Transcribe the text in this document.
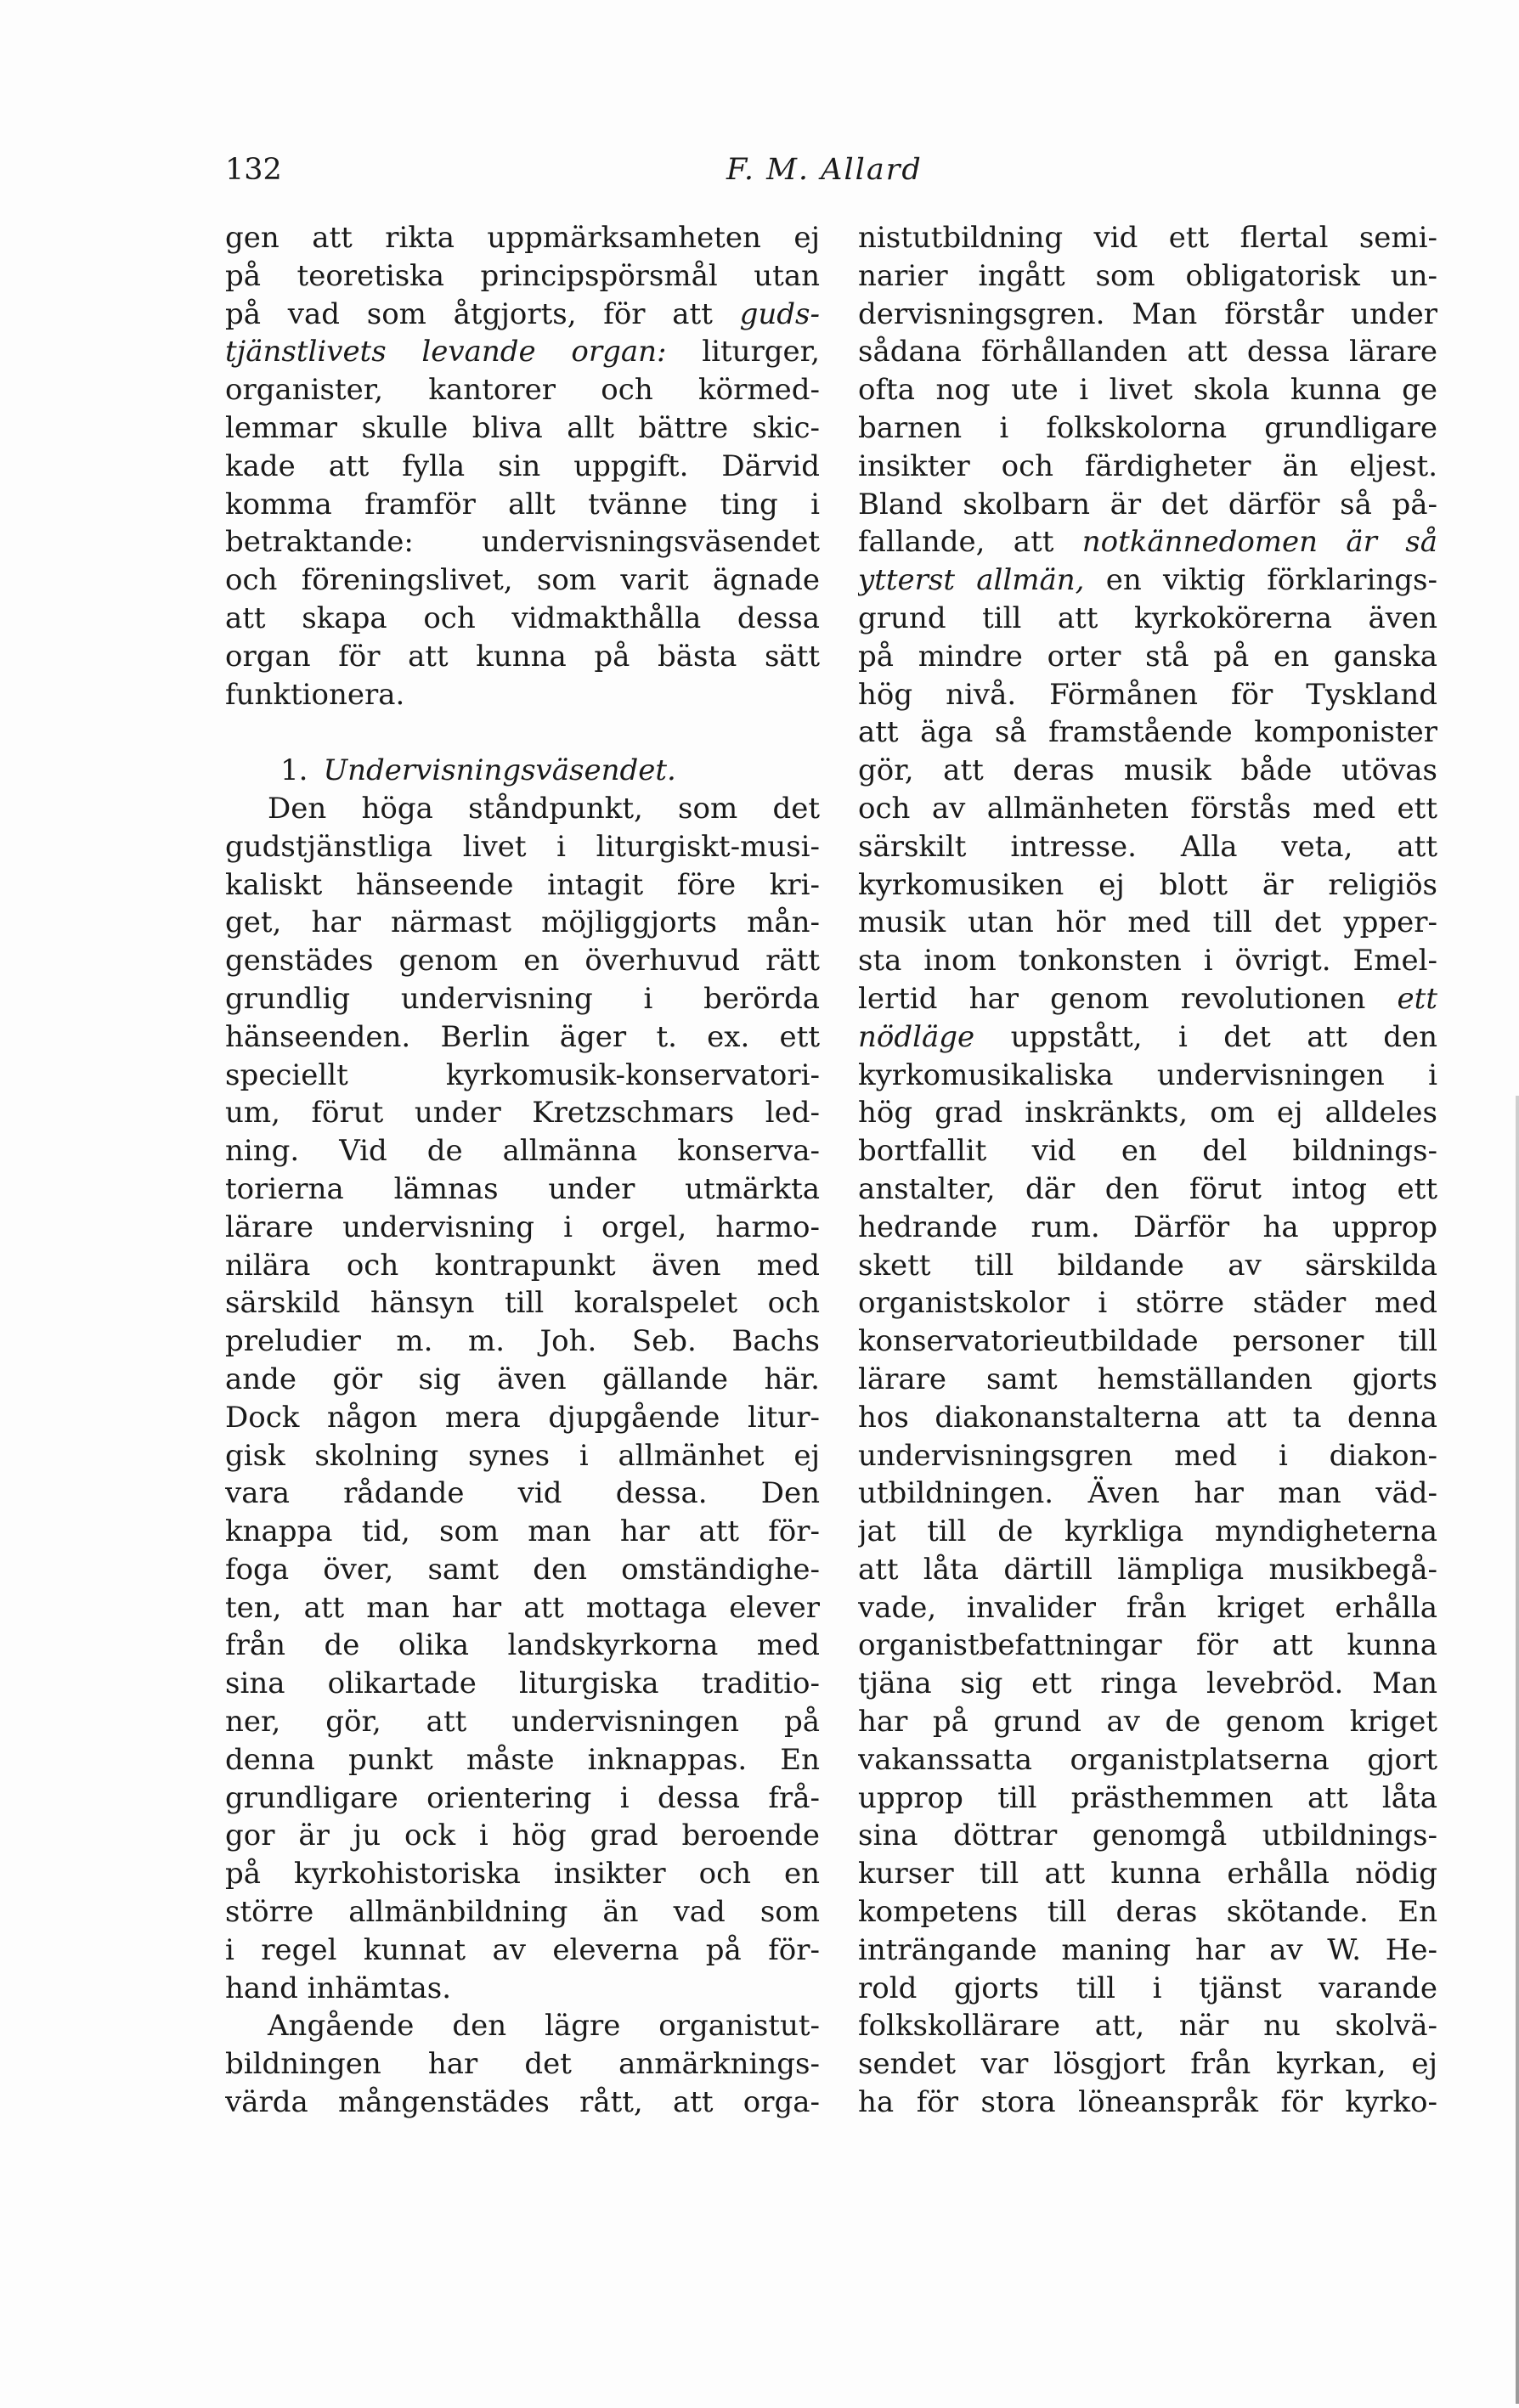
132	F. M. Allard
gen att rikta uppmärksamheten ej
på teoretiska principspörsmål utan
på vad som åtgjorts, för att guds-
tjänstlivets levande organ: liturger,
organister, kantorer och körmed-
lemmar skulle bliva allt bättre skic-
kade att fylla sin uppgift. Därvid
komma framför allt tvänne ting i
betraktande: undervisningsväsendet
och föreningslivet, som varit ägnade
att skapa och vidmakthålla dessa
organ för att kunna på bästa sätt
funktionera.
1. Undervisningsväsendet.
Den höga ståndpunkt, som det
gudstjänstliga livet i liturgiskt-musi-
kaliskt hänseende intagit före kri-
get, har närmast möjliggjorts mån-
genstädes genom en överhuvud rätt
grundlig undervisning i berörda
hänseenden. Berlin äger t. ex. ett
speciellt kyrkomusik-konservatori-
um, förut under Kretzschmars led-
ning. Vid de allmänna konserva-
torierna lämnas under utmärkta
lärare undervisning i orgel, harmo-
nilära och kontrapunkt även med
särskild hänsyn till koralspelet och
preludier m. m. Joh. Seb. Bachs
ande gör sig även gällande här.
Dock någon mera djupgående litur-
gisk skolning synes i allmänhet ej
vara rådande vid dessa. Den
knappa tid, som man har att för-
foga över, samt den omständighe-
ten, att man har att mottaga elever
från de olika landskyrkorna med
sina olikartade liturgiska traditio-
ner, gör, att undervisningen på
denna punkt måste inknappas. En
grundligare orientering i dessa frå-
gor är ju ock i hög grad beroende
på kyrkohistoriska insikter och en
större allmänbildning än vad som
i regel kunnat av eleverna på för-
hand inhämtas.
Angående den lägre organistut-
bildningen har det anmärknings-
värda mångenstädes rått, att orga-
nistutbildning vid ett flertal semi-
narier ingått som obligatorisk un-
dervisningsgren. Man förstår under
sådana förhållanden att dessa lärare
ofta nog ute i livet skola kunna ge
barnen i folkskolorna grundligare
insikter och färdigheter än eljest.
Bland skolbarn är det därför så på-
fallande, att notkännedomen är så
ytterst allmän, en viktig förklarings-
grund till att kyrkokörerna även
på mindre orter stå på en ganska
hög nivå. Förmånen för Tyskland
att äga så framstående komponister
gör, att deras musik både utövas
och av allmänheten förstås med ett
särskilt intresse. Alla veta, att
kyrkomusiken ej blott är religiös
musik utan hör med till det ypper-
sta inom tonkonsten i övrigt. Emel-
lertid har genom revolutionen ett
nödläge uppstått, i det att den
kyrkomusikaliska undervisningen i
hög grad inskränkts, om ej alldeles
bortfallit vid en del bildnings-
anstalter, där den förut intog ett
hedrande rum. Därför ha upprop
skett till bildande av särskilda
organistskolor i större städer med
konservatorieutbildade personer till
lärare samt hemställanden gjorts
hos diakonanstalterna att ta denna
undervisningsgren med i diakon-
utbildningen. Även har man väd-
jat till de kyrkliga myndigheterna
att låta därtill lämpliga musikbegå-
vade, invalider från kriget erhålla
organistbefattningar för att kunna
tjäna sig ett ringa levebröd. Man
har på grund av de genom kriget
vakanssatta organistplatserna gjort
upprop till prästhemmen att låta
sina döttrar genomgå utbildnings-
kurser till att kunna erhålla nödig
kompetens till deras skötande. En
inträngande maning har av W. He-
rold gjorts till i tjänst varande
folkskollärare att, när nu skolvä-
sendet var lösgjort från kyrkan, ej
ha för stora löneanspråk för kyrko-
